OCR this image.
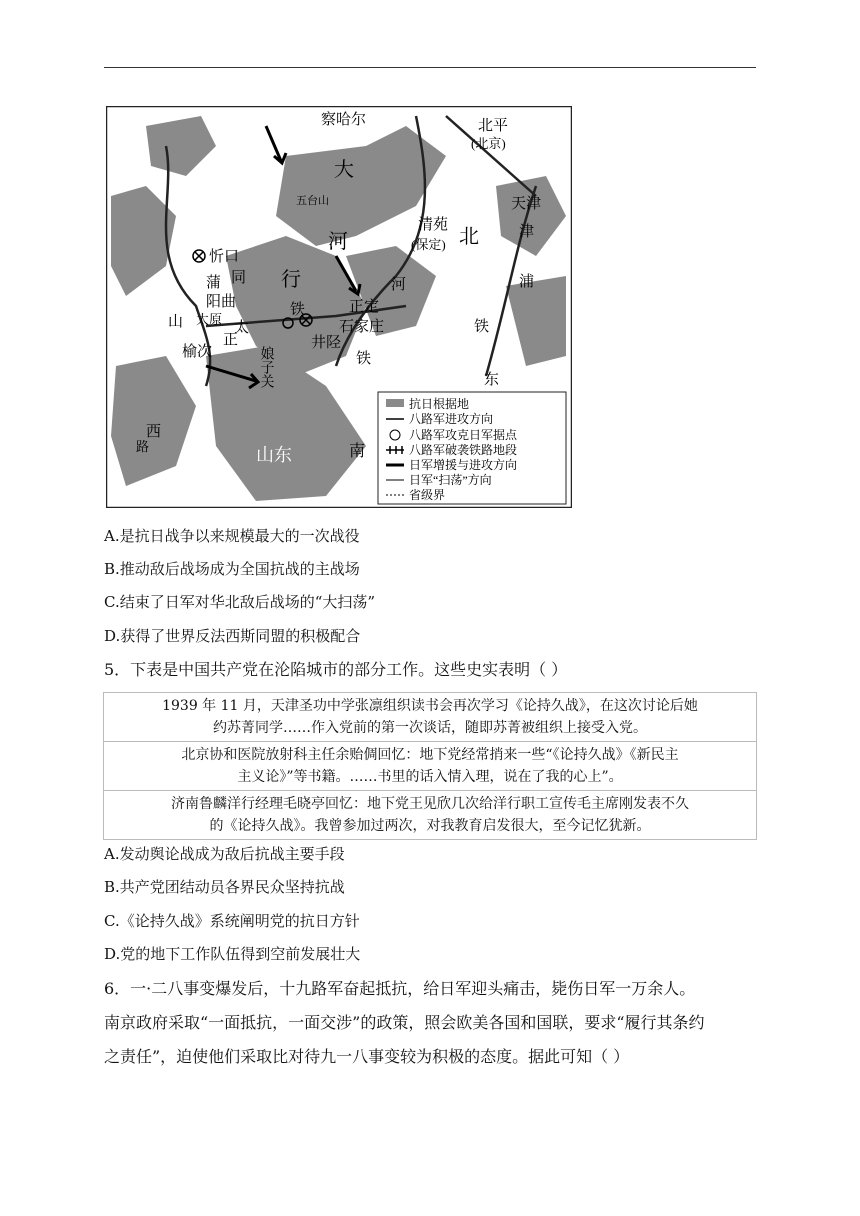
察哈尔	北平
(北京)
天津
津
浦
铁
大
河	北
清苑
(保定)
五台山
忻口
同
蒲
阳曲
太原
山
榆次
行
正定
石家庄
井陉
娘子关
太
正
铁
铁
西
河
路	山东	南
东
抗日根据地
八路军进攻方向
八路军攻克日军据点
八路军破袭铁路地段
日军增援与进攻方向
日军“扫荡”方向
省级界
A.是抗日战争以来规模最大的一次战役
B.推动敌后战场成为全国抗战的主战场
C.结束了日军对华北敌后战场的“大扫荡”
D.获得了世界反法西斯同盟的积极配合
5．下表是中国共产党在沦陷城市的部分工作。这些史实表明（ ）
1939 年 11 月，天津圣功中学张凛组织读书会再次学习《论持久战》，在这次讨论后她
约苏菁同学……作入党前的第一次谈话，随即苏菁被组织上接受入党。

北京协和医院放射科主任余贻倜回忆：地下党经常捎来一些“《论持久战》《新民主
主义论》”等书籍。……书里的话入情入理，说在了我的心上”。

济南鲁麟洋行经理毛晓亭回忆：地下党王见欣几次给洋行职工宣传毛主席刚发表不久
的《论持久战》。我曾参加过两次，对我教育启发很大，至今记忆犹新。
A.发动舆论战成为敌后抗战主要手段
B.共产党团结动员各界民众坚持抗战
C.《论持久战》系统阐明党的抗日方针
D.党的地下工作队伍得到空前发展壮大
6．一·二八事变爆发后，十九路军奋起抵抗，给日军迎头痛击，毙伤日军一万余人。
南京政府采取“一面抵抗，一面交涉”的政策，照会欧美各国和国联，要求“履行其条约
之责任”，迫使他们采取比对待九一八事变较为积极的态度。据此可知（ ）
